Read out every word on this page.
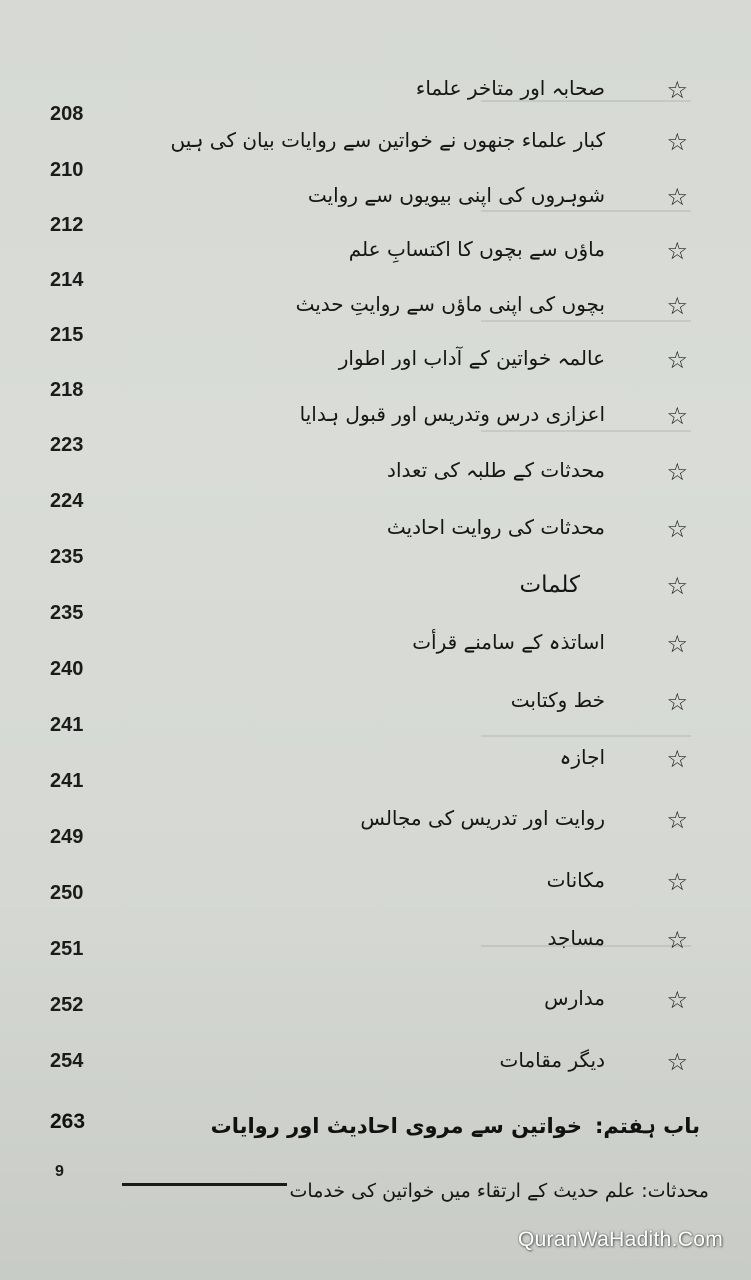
☆
صحابہ اور متاخر علماء
208
☆
کبار علماء جنھوں نے خواتین سے روایات بیان کی ہیں
210
☆
شوہروں کی اپنی بیویوں سے روایت
212
☆
ماؤں سے بچوں کا اکتسابِ علم
214
☆
بچوں کی اپنی ماؤں سے روایتِ حدیث
215
☆
عالمہ خواتین کے آداب اور اطوار
218
☆
اعزازی درس وتدریس اور قبول ہدایا
223
☆
محدثات کے طلبہ کی تعداد
224
☆
محدثات کی روایت احادیث
235
☆
کلمات
235
☆
اساتذہ کے سامنے قرأت
240
☆
خط وکتابت
241
☆
اجازہ
241
☆
روایت اور تدریس کی مجالس
249
☆
مکانات
250
☆
مساجد
251
☆
مدارس
252
☆
دیگر مقامات
254
263	باب ہفتم:
خواتین سے مروی احادیث اور روایات
9
محدثات: علم حدیث کے ارتقاء میں خواتین کی خدمات
QuranWaHadith.Com
